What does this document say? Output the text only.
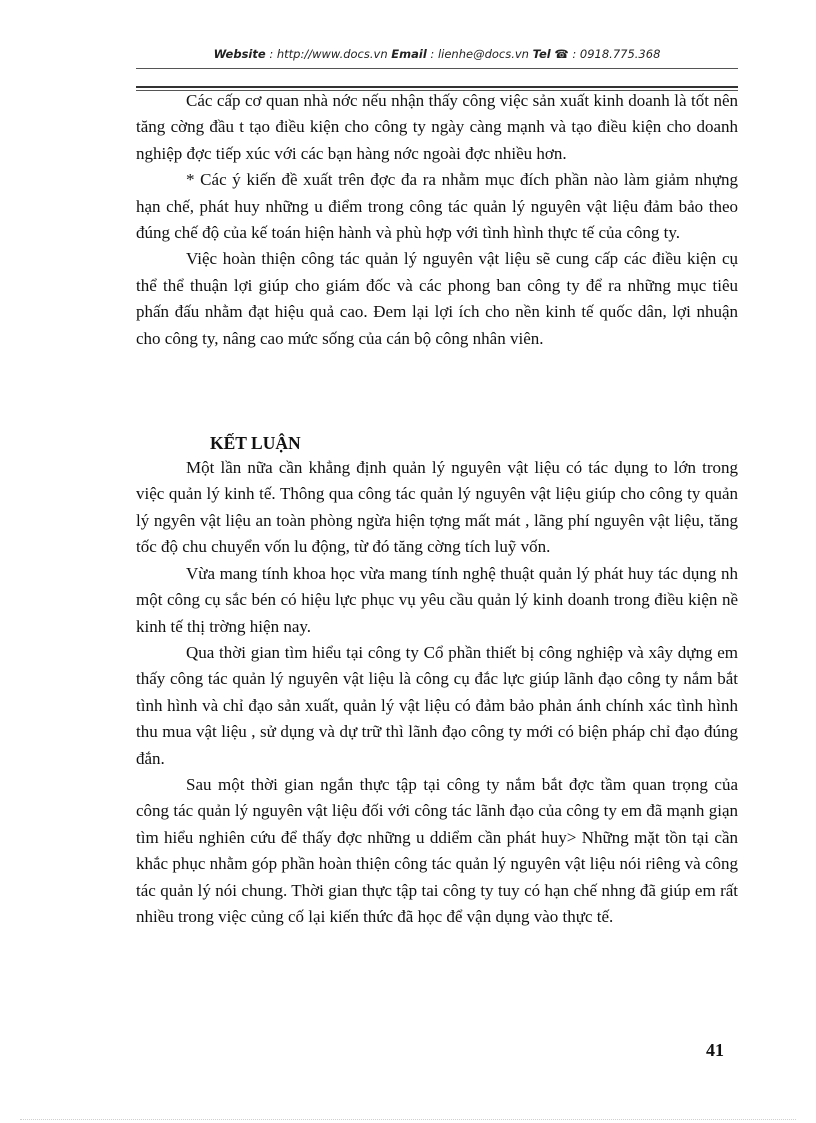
Website : http://www.docs.vn Email : lienhe@docs.vn Tel ☎ : 0918.775.368

Các cấp cơ quan nhà nớc nếu nhận thấy công việc sản xuất kinh doanh là tốt nên tăng cờng đầu t tạo điều kiện cho công ty ngày càng mạnh và tạo điều kiện cho doanh nghiệp đợc tiếp xúc với các bạn hàng nớc ngoài đợc nhiều hơn.

* Các ý kiến đề xuất trên đợc đa ra nhằm mục đích phần nào làm giảm nhựng hạn chế, phát huy những u điểm trong công tác quản lý nguyên vật liệu đảm bảo theo đúng chế độ của kế toán hiện hành và phù hợp với tình hình thực tế của công ty.

Việc hoàn thiện công tác quản lý nguyên vật liệu sẽ cung cấp các điều kiện cụ thể thể thuận lợi giúp cho giám đốc và các phong ban công ty để ra những mục tiêu phấn đấu nhằm đạt hiệu quả cao. Đem lại lợi ích cho nền kinh tế quốc dân, lợi nhuận cho công ty, nâng cao mức sống của cán bộ công nhân viên.

KẾT LUẬN

Một lần nữa cần khẳng định quản lý nguyên vật liệu có tác dụng to lớn trong việc quản lý kinh tế. Thông qua công tác quản lý nguyên vật liệu giúp cho công ty quản lý ngyên vật liệu an toàn phòng ngừa hiện tợng mất mát , lãng phí nguyên vật liệu, tăng tốc độ chu chuyển vốn lu động, từ đó tăng cờng tích luỹ vốn.

Vừa mang tính khoa học vừa mang tính nghệ thuật quản lý phát huy tác dụng nh một công cụ sắc bén có hiệu lực phục vụ yêu cầu quản lý kinh doanh trong điều kiện nề kinh tế thị trờng hiện nay.

Qua thời gian tìm hiểu tại công ty Cổ phần thiết bị công nghiệp và xây dựng em thấy công tác quản lý nguyên vật liệu là công cụ đắc lực giúp lãnh đạo công ty nắm bắt tình hình và chỉ đạo sản xuất, quản lý vật liệu có đảm bảo phản ánh chính xác tình hình thu mua vật liệu , sử dụng và dự trữ thì lãnh đạo công ty mới có biện pháp chỉ đạo đúng đắn.

Sau một thời gian ngắn thực tập tại công ty nắm bắt đợc tầm quan trọng của công tác quản lý nguyên vật liệu đối với công tác lãnh đạo của công ty em đã mạnh giạn tìm hiểu nghiên cứu để thấy đợc những u ddiểm cần phát huy> Những mặt tồn tại cần khắc phục nhằm góp phần hoàn thiện công tác quản lý nguyên vật liệu nói riêng và công tác quản lý nói chung. Thời gian thực tập tai công ty tuy có hạn chế nhng đã giúp em rất nhiều trong việc củng cố lại kiến thức đã học để vận dụng vào thực tế.

41
